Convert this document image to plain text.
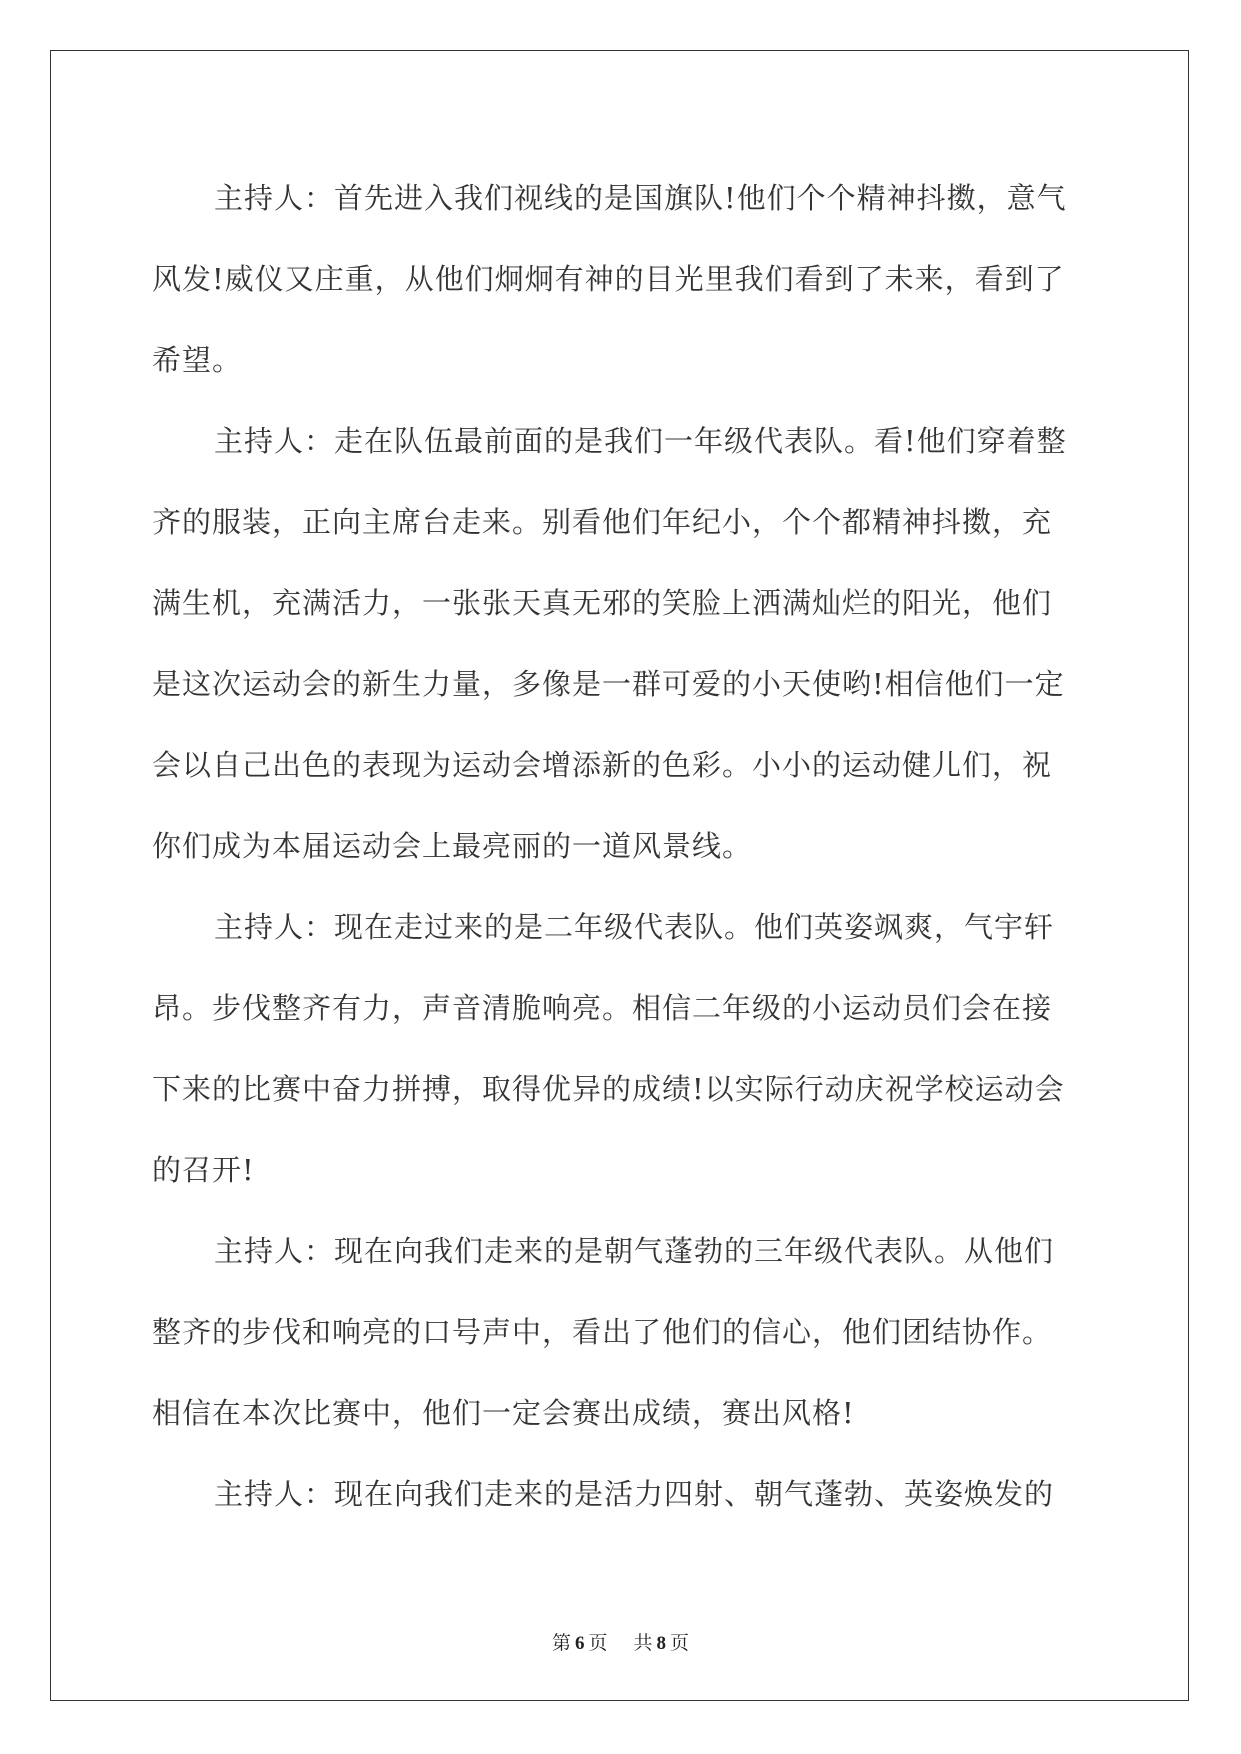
主持人：首先进入我们视线的是国旗队!他们个个精神抖擞，意气
风发!威仪又庄重，从他们炯炯有神的目光里我们看到了未来，看到了
希望。
主持人：走在队伍最前面的是我们一年级代表队。看!他们穿着整
齐的服装，正向主席台走来。别看他们年纪小，个个都精神抖擞，充
满生机，充满活力，一张张天真无邪的笑脸上洒满灿烂的阳光，他们
是这次运动会的新生力量，多像是一群可爱的小天使哟!相信他们一定
会以自己出色的表现为运动会增添新的色彩。小小的运动健儿们，祝
你们成为本届运动会上最亮丽的一道风景线。
主持人：现在走过来的是二年级代表队。他们英姿飒爽，气宇轩
昂。步伐整齐有力，声音清脆响亮。相信二年级的小运动员们会在接
下来的比赛中奋力拼搏，取得优异的成绩!以实际行动庆祝学校运动会
的召开!
主持人：现在向我们走来的是朝气蓬勃的三年级代表队。从他们
整齐的步伐和响亮的口号声中，看出了他们的信心，他们团结协作。
相信在本次比赛中，他们一定会赛出成绩，赛出风格!
主持人：现在向我们走来的是活力四射、朝气蓬勃、英姿焕发的
第 6 页 共 8 页
